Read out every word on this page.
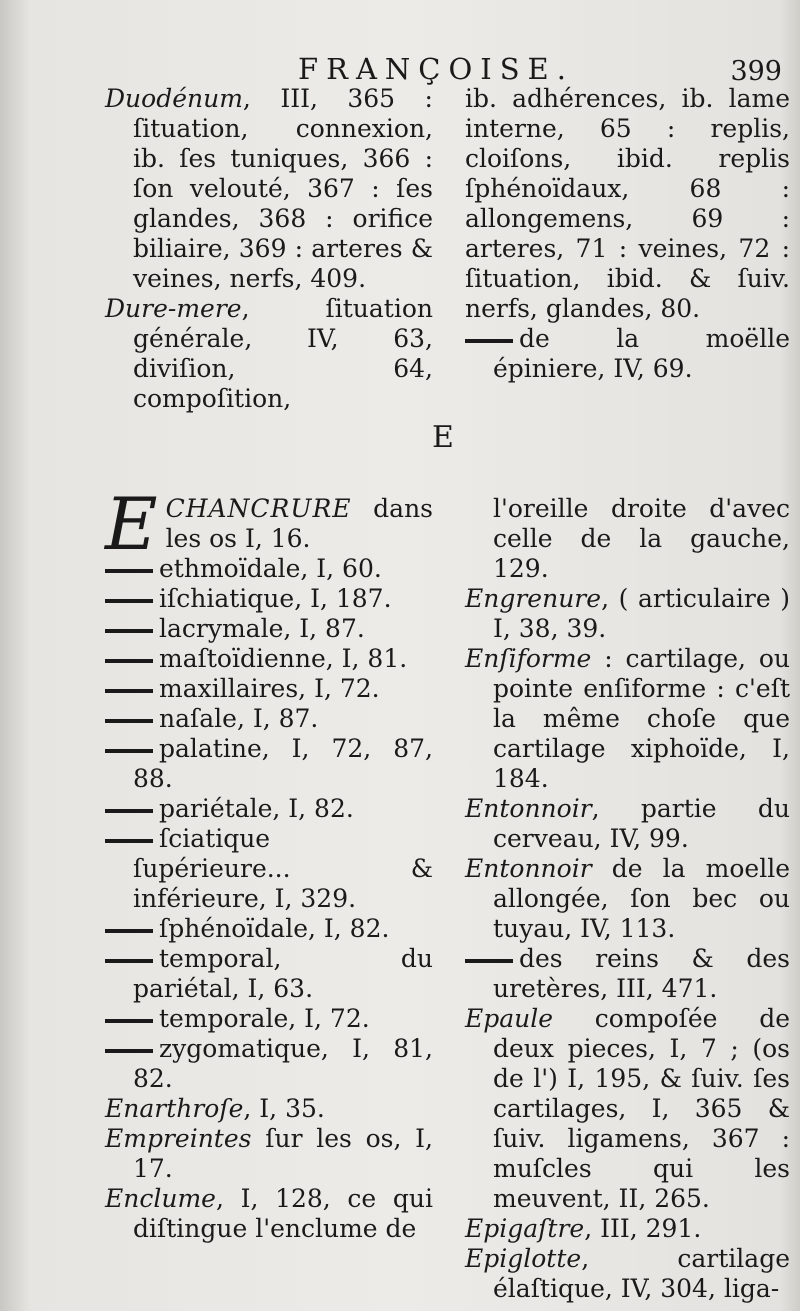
FRANÇOISE.	399

Duodénum, III, 365 : ſituation, connexion, ib. ſes tuniques, 366 : ſon velouté, 367 : ſes glandes, 368 : orifice biliaire, 369 : arteres & veines, nerfs, 409.

Dure-mere, ſituation générale, IV, 63, diviſion, 64, compoſition,

ib. adhérences, ib. lame interne, 65 : replis, cloiſons, ibid. replis ſphénoïdaux, 68 : allongemens, 69 : arteres, 71 : veines, 72 : ſituation, ibid. & ſuiv. nerfs, glandes, 80.

de la moëlle épiniere, IV, 69.

E
E CHANCRURE dans les os I, 16.

ethmoïdale, I, 60.

iſchiatique, I, 187.

lacrymale, I, 87.

maſtoïdienne, I, 81.

maxillaires, I, 72.

naſale, I, 87.

palatine, I, 72, 87, 88.

pariétale, I, 82.

ſciatique ſupérieure... & inférieure, I, 329.

ſphénoïdale, I, 82.

temporal, du pariétal, I, 63.

temporale, I, 72.

zygomatique, I, 81, 82.

Enarthroſe, I, 35.

Empreintes ſur les os, I, 17.

Enclume, I, 128, ce qui diſtingue l'enclume de

l'oreille droite d'avec celle de la gauche, 129.

Engrenure, ( articulaire ) I, 38, 39.

Enſiforme : cartilage, ou pointe enſiforme : c'eſt la même choſe que cartilage xiphoïde, I, 184.

Entonnoir, partie du cerveau, IV, 99.

Entonnoir de la moelle allongée, ſon bec ou tuyau, IV, 113.

des reins & des uretères, III, 471.

Epaule compoſée de deux pieces, I, 7 ; (os de l') I, 195, & ſuiv. ſes cartilages, I, 365 & ſuiv. ligamens, 367 : muſcles qui les meuvent, II, 265.

Epigaſtre, III, 291.

Epiglotte, cartilage élaſtique, IV, 304, liga-
